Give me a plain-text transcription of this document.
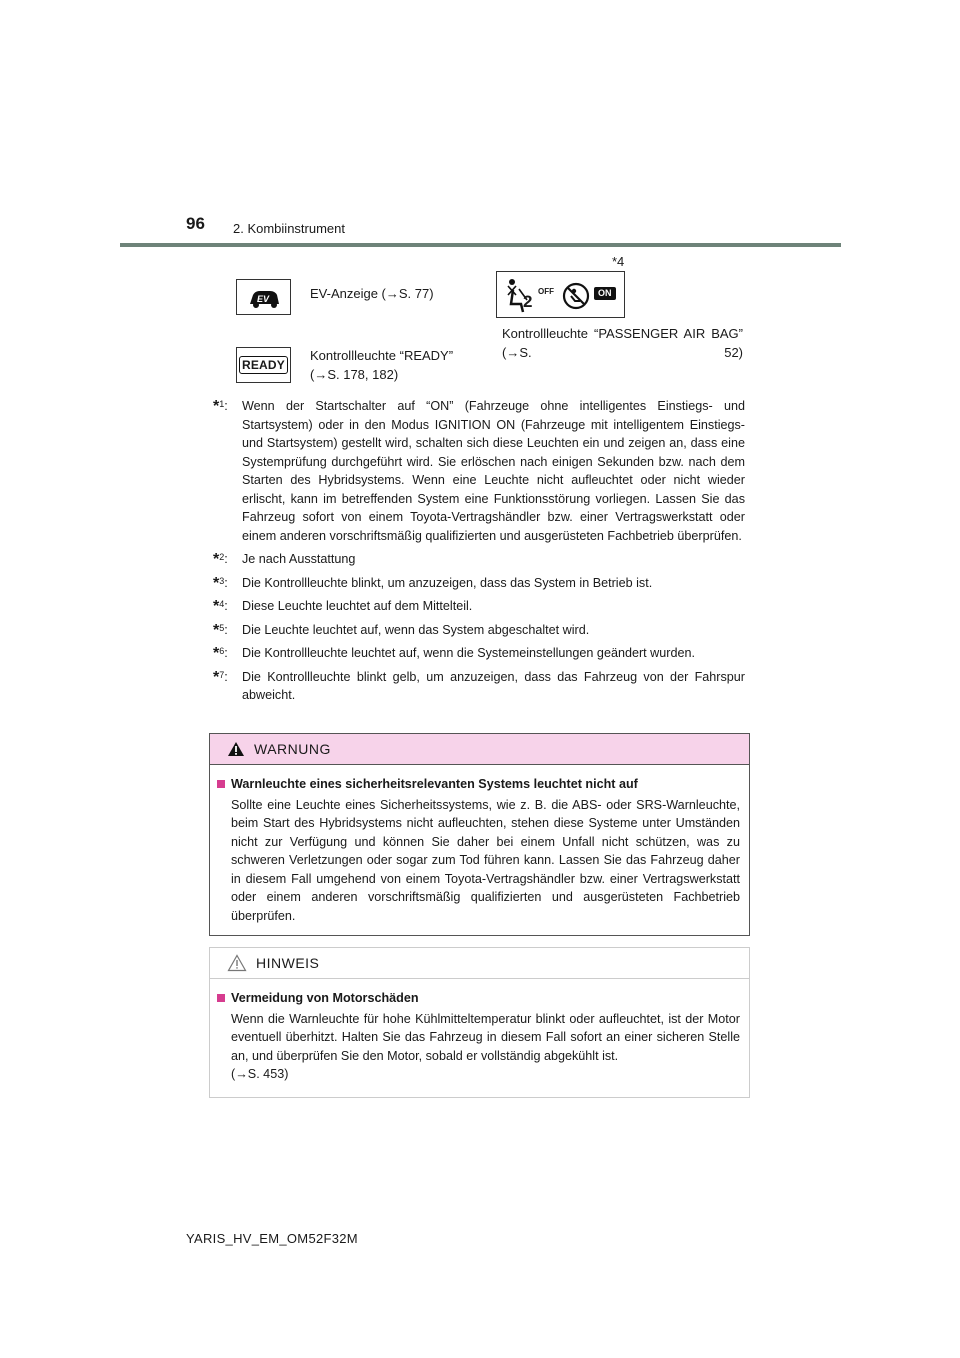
96 2. Kombiinstrument
EV	EV-Anzeige (→S. 77)
READY
Kontrollleuchte “READY” (→S. 178, 182)
*4
2
OFF	ON
Kontrollleuchte “PASSENGER AIR BAG” (→S. 52)
*$^1$:	Wenn der Startschalter auf “ON” (Fahrzeuge ohne intelligentes Einstiegs- und Startsystem) oder in den Modus IGNITION ON (Fahrzeuge mit intelligentem Einstiegs- und Startsystem) gestellt wird, schalten sich diese Leuchten ein und zeigen an, dass eine Systemprüfung durchgeführt wird. Sie erlöschen nach einigen Sekunden bzw. nach dem Starten des Hybridsystems. Wenn eine Leuchte nicht aufleuchtet oder nicht wieder erlischt, kann im betreffenden System eine Funktionsstörung vorliegen. Lassen Sie das Fahrzeug sofort von einem Toyota-Vertragshändler bzw. einer Vertragswerkstatt oder einem anderen vorschriftsmäßig qualifizierten und ausgerüsteten Fachbetrieb überprüfen.
*$^2$:	Je nach Ausstattung
*$^3$:	Die Kontrollleuchte blinkt, um anzuzeigen, dass das System in Betrieb ist.
*$^4$:	Diese Leuchte leuchtet auf dem Mittelteil.
*$^5$:	Die Leuchte leuchtet auf, wenn das System abgeschaltet wird.
*$^6$:	Die Kontrollleuchte leuchtet auf, wenn die Systemeinstellungen geändert wurden.
*$^7$:	Die Kontrollleuchte blinkt gelb, um anzuzeigen, dass das Fahrzeug von der Fahrspur abweicht.
WARNUNG
Warnleuchte eines sicherheitsrelevanten Systems leuchtet nicht auf
Sollte eine Leuchte eines Sicherheitssystems, wie z. B. die ABS- oder SRS-Warnleuchte, beim Start des Hybridsystems nicht aufleuchten, stehen diese Systeme unter Umständen nicht zur Verfügung und können Sie daher bei einem Unfall nicht schützen, was zu schweren Verletzungen oder sogar zum Tod führen kann. Lassen Sie das Fahrzeug daher in diesem Fall umgehend von einem Toyota-Vertragshändler bzw. einer Vertragswerkstatt oder einem anderen vorschriftsmäßig qualifizierten und ausgerüsteten Fachbetrieb überprüfen.
HINWEIS
Vermeidung von Motorschäden
Wenn die Warnleuchte für hohe Kühlmitteltemperatur blinkt oder aufleuchtet, ist der Motor eventuell überhitzt. Halten Sie das Fahrzeug in diesem Fall sofort an einer sicheren Stelle an, und überprüfen Sie den Motor, sobald er vollständig abgekühlt ist.
(→S. 453)
YARIS_HV_EM_OM52F32M
